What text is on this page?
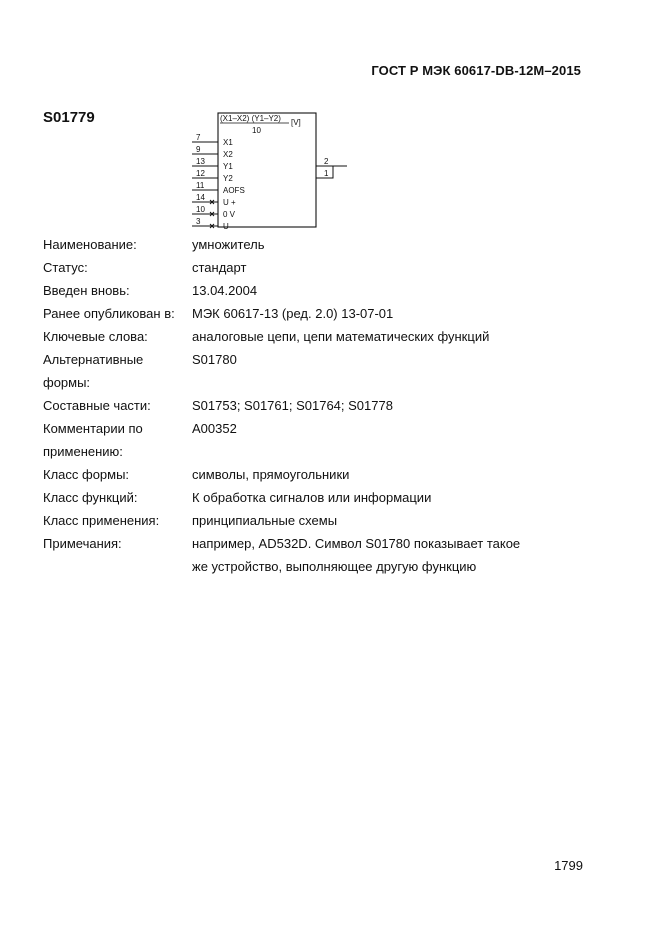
ГОСТ Р МЭК 60617-DB-12M–2015
S01779	(X1–X2) (Y1–Y2) [V]
10
7
X1
9
X2
13
Y1
12
Y2
11
AOFS
14
U +
10
0 V
3
U –
2
1
Наименование:	умножитель
Статус:	стандарт
Введен вновь:	13.04.2004
Ранее опубликован в:	МЭК 60617-13 (ред. 2.0) 13-07-01
Ключевые слова:	аналоговые цепи, цепи математических функций
Альтернативные формы:
S01780
Составные части:	S01753; S01761; S01764; S01778
Комментарии по применению:
A00352
Класс формы:	символы, прямоугольники
Класс функций:	К обработка сигналов или информации
Класс применения:	принципиальные схемы
Примечания:	например, AD532D. Символ S01780 показывает такое
же устройство, выполняющее другую функцию
1799
